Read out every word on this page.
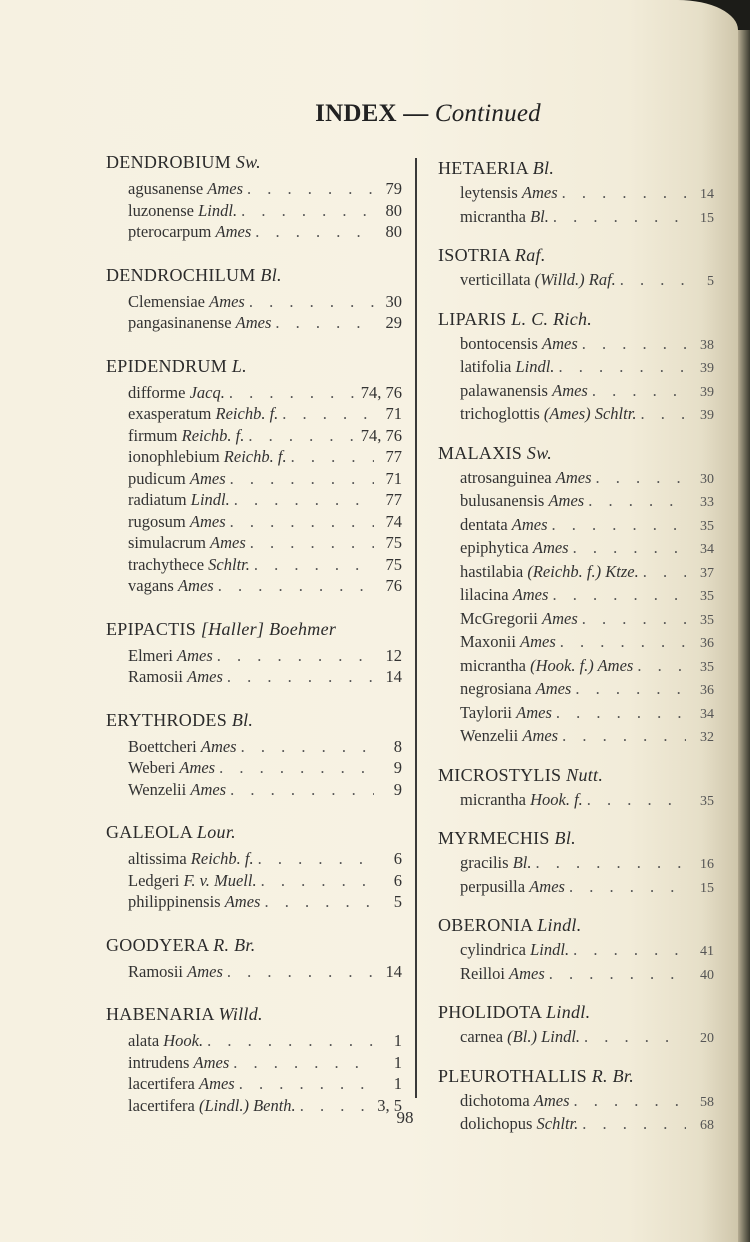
INDEX — Continued
DENDROBIUM Sw.
agusanense Ames . . .	79
luzonense Lindl. . . .	80
pterocarpum Ames . . .	80
DENDROCHILUM Bl.
Clemensiae Ames . . .	30
pangasinanense Ames . . .	29
EPIDENDRUM L.
difforme Jacq. . . .	74, 76
exasperatum Reichb. f. . . .	71
firmum Reichb. f. . . .	74, 76
ionophlebium Reichb. f. . . .	77
pudicum Ames . . .	71
radiatum Lindl. . . .	77
rugosum Ames . . .	74
simulacrum Ames . . .	75
trachythece Schltr. . . .	75
vagans Ames . . .	76
EPIPACTIS [Haller] Boehmer
Elmeri Ames . . .	12
Ramosii Ames . . .	14
ERYTHRODES Bl.
Boettcheri Ames . . .	8
Weberi Ames . . .	9
Wenzelii Ames . . .	9
GALEOLA Lour.
altissima Reichb. f. . . .	6
Ledgeri F. v. Muell. . . .	6
philippinensis Ames . . .	5
GOODYERA R. Br.
Ramosii Ames . . .	14
HABENARIA Willd.
alata Hook. . . .	1
intrudens Ames . . .	1
lacertifera Ames . . .	1
lacertifera (Lindl.) Benth. . . .	3, 5
HETAERIA Bl.
leytensis Ames . . .	14
micrantha Bl. . . .	15
ISOTRIA Raf.
verticillata (Willd.) Raf. . . .	5
LIPARIS L. C. Rich.
bontocensis Ames . . .	38
latifolia Lindl. . . .	39
palawanensis Ames . . .	39
trichoglottis (Ames) Schltr. . . .	39
MALAXIS Sw.
atrosanguinea Ames . . .	30
bulusanensis Ames . . .	33
dentata Ames . . .	35
epiphytica Ames . . .	34
hastilabia (Reichb. f.) Ktze. . . .	37
lilacina Ames . . .	35
McGregorii Ames . . .	35
Maxonii Ames . . .	36
micrantha (Hook. f.) Ames . . .	35
negrosiana Ames . . .	36
Taylorii Ames . . .	34
Wenzelii Ames . . .	32
MICROSTYLIS Nutt.
micrantha Hook. f. . . .	35
MYRMECHIS Bl.
gracilis Bl. . . .	16
perpusilla Ames . . .	15
OBERONIA Lindl.
cylindrica Lindl. . . .	41
Reilloi Ames . . .	40
PHOLIDOTA Lindl.
carnea (Bl.) Lindl. . . .	20
PLEUROTHALLIS R. Br.
dichotoma Ames . . .	58
dolichopus Schltr. . . .	68
98
